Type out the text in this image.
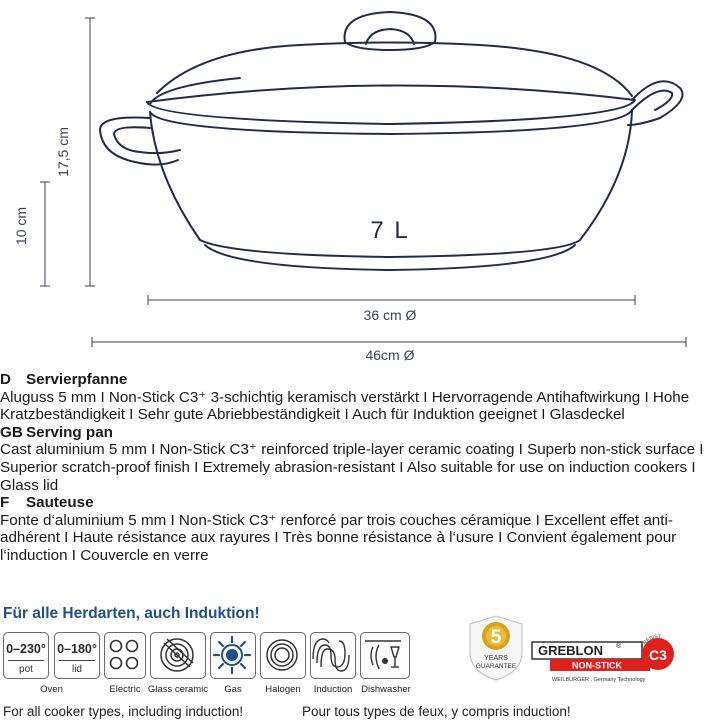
7 L
17,5 cm
10 cm
36 cm Ø
46cm Ø
D Servierpfanne

Aluguss 5 mm I Non-Stick C3⁺ 3-schichtig keramisch verstärkt I Hervorragende Antihaftwirkung I Hohe Kratzbeständigkeit I Sehr gute Abriebbeständigkeit I Auch für Induktion geeignet I Glasdeckel

GB Serving pan

Cast aluminium 5 mm I Non-Stick C3⁺ reinforced triple-layer ceramic coating I Superb non-stick surface I Superior scratch-proof finish I Extremely abrasion-resistant I Also suitable for use on induction cookers I Glass lid

F Sauteuse

Fonte d‘aluminium 5 mm I Non-Stick C3⁺ renforcé par trois couches céramique I Excellent effet anti-adhérent I Haute résistance aux rayures I Très bonne résistance à l‘usure I Convient également pour l‘induction I Couvercle en verre

Für alle Herdarten, auch Induktion!
0–230°
pot
0–180°
lid
Oven	Electric Glass ceramic	Gas	Halogen	Induction Dishwasher
5
YEARS
GUARANTEE
GREBLON ®
NON-STICK
WEILBURGER . Germany Technology
C3
+ RESIST
For all cooker types, including induction!	Pour tous types de feux, y compris induction!
